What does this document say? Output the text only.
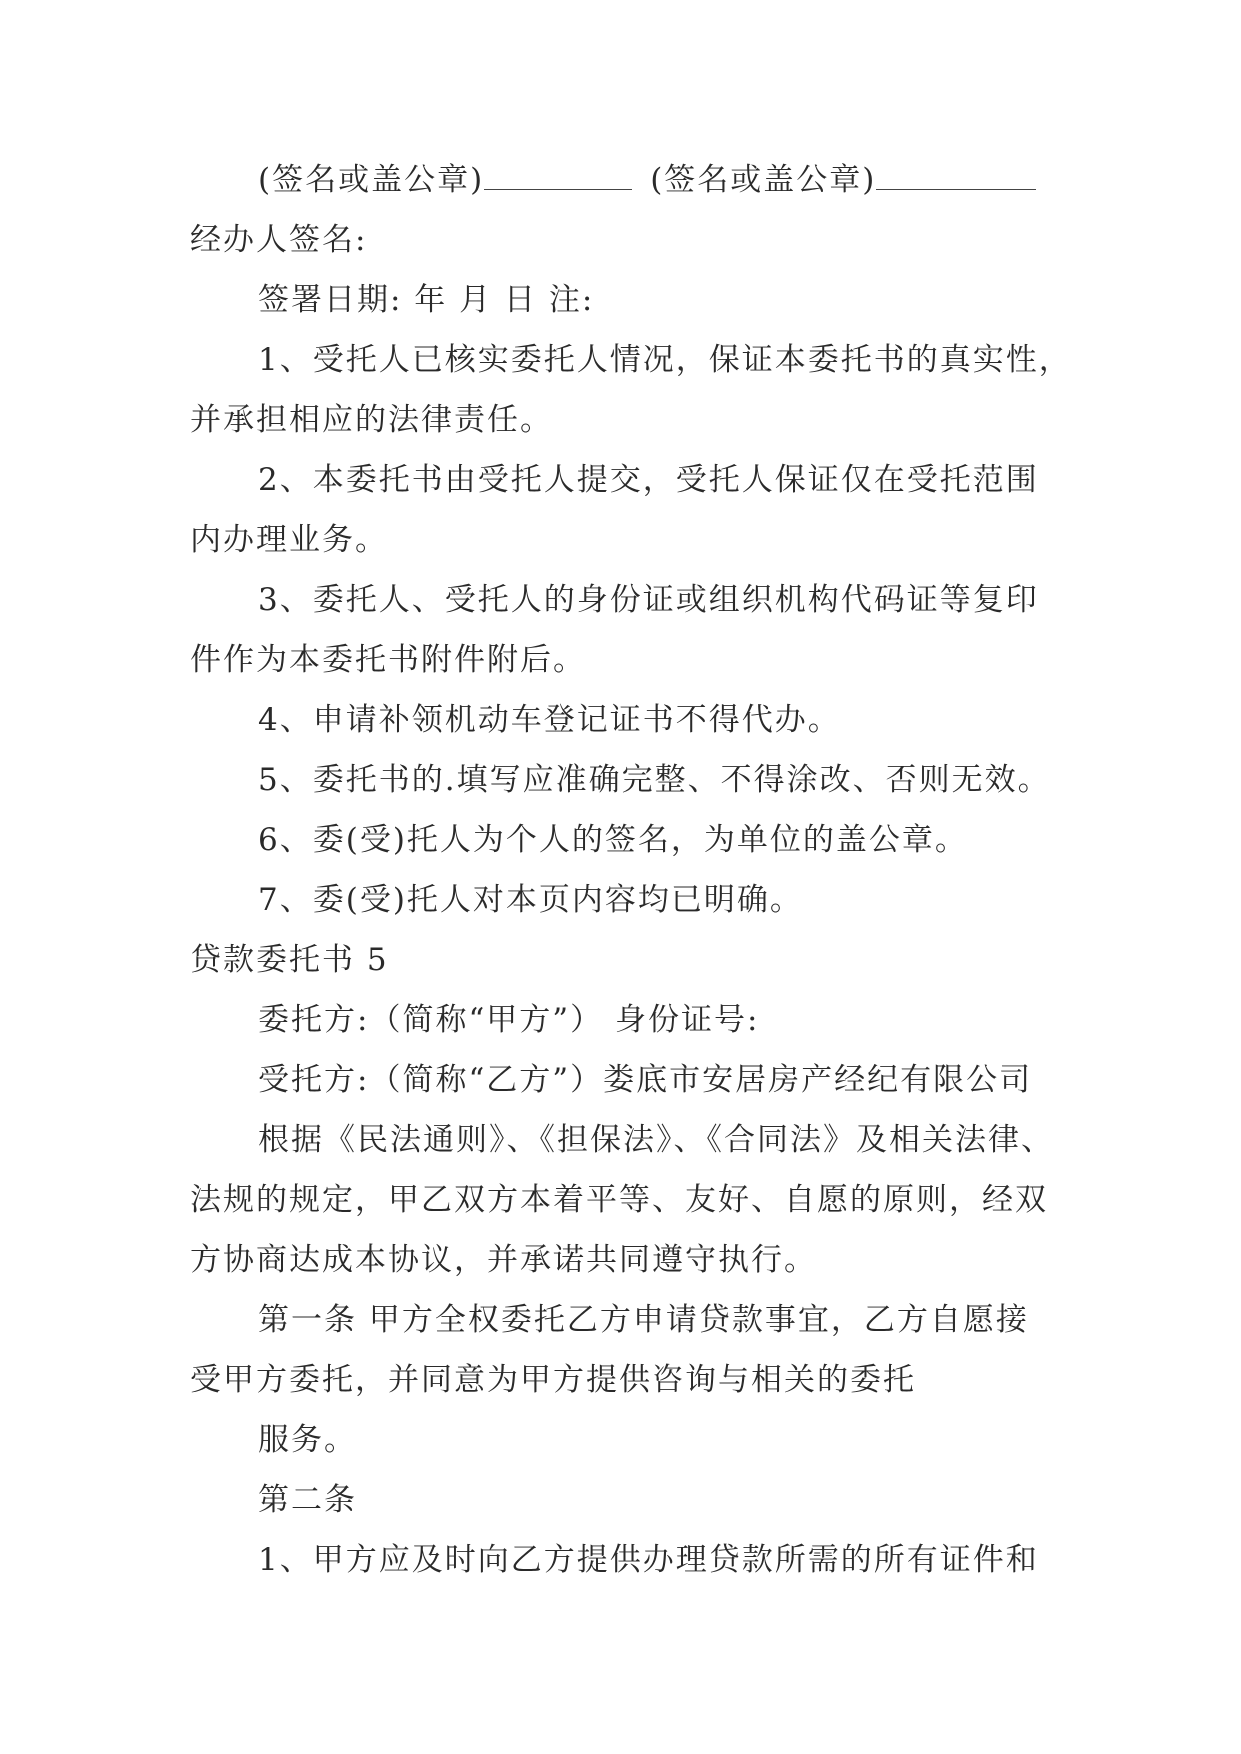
(签名或盖公章)	(签名或盖公章)
经办人签名:
签署日期: 年 月 日 注:
1、受托人已核实委托人情况，保证本委托书的真实性，
并承担相应的法律责任。
2、本委托书由受托人提交，受托人保证仅在受托范围
内办理业务。
3、委托人、受托人的身份证或组织机构代码证等复印
件作为本委托书附件附后。
4、申请补领机动车登记证书不得代办。
5、委托书的.填写应准确完整、不得涂改、否则无效。
6、委(受)托人为个人的签名，为单位的盖公章。
7、委(受)托人对本页内容均已明确。
贷款委托书 5
委托方:（简称“甲方”） 身份证号:
受托方:（简称“乙方”）娄底市安居房产经纪有限公司
根据《民法通则》、《担保法》、《合同法》及相关法律、
法规的规定，甲乙双方本着平等、友好、自愿的原则，经双
方协商达成本协议，并承诺共同遵守执行。
第一条 甲方全权委托乙方申请贷款事宜，乙方自愿接
受甲方委托，并同意为甲方提供咨询与相关的委托
服务。
第二条
1、甲方应及时向乙方提供办理贷款所需的所有证件和
